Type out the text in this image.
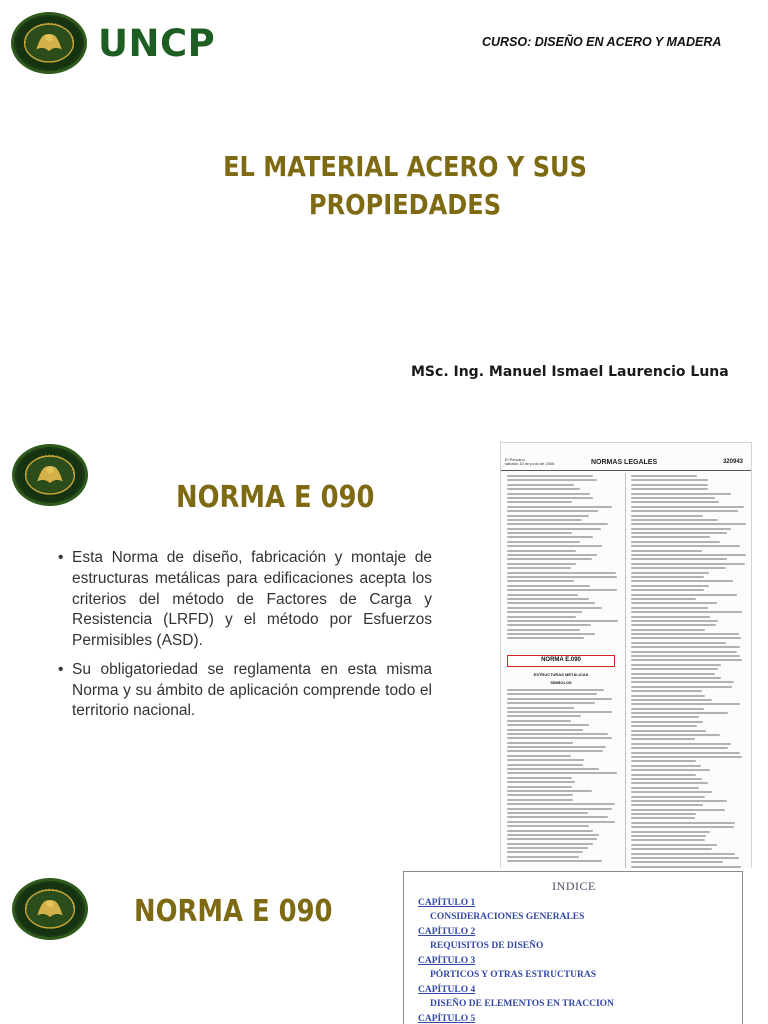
UNCP	CURSO: DISEÑO EN ACERO Y MADERA
EL MATERIAL ACERO Y SUS
PROPIEDADES
MSc. Ing. Manuel Ismael Laurencio Luna
NORMA E 090
• Esta Norma de diseño, fabricación y montaje de estructuras metálicas para edificaciones acepta los criterios del método de Factores de Carga y Resistencia (LRFD) y el método por Esfuerzos Permisibles (ASD).
• Su obligatoriedad se reglamenta en esta misma Norma y su ámbito de aplicación comprende todo el territorio nacional.
El Peruano
sábado 10 de junio de 2006	NORMAS LEGALES	320943
NORMA E.090
ESTRUCTURAS METÁLICAS
SÍMBOLOS
NORMA E 090
INDICE
CAPÍTULO 1
CONSIDERACIONES GENERALES
CAPÍTULO 2
REQUISITOS DE DISEÑO
CAPÍTULO 3
PÓRTICOS Y OTRAS ESTRUCTURAS
CAPÍTULO 4
DISEÑO DE ELEMENTOS EN TRACCION
CAPÍTULO 5
